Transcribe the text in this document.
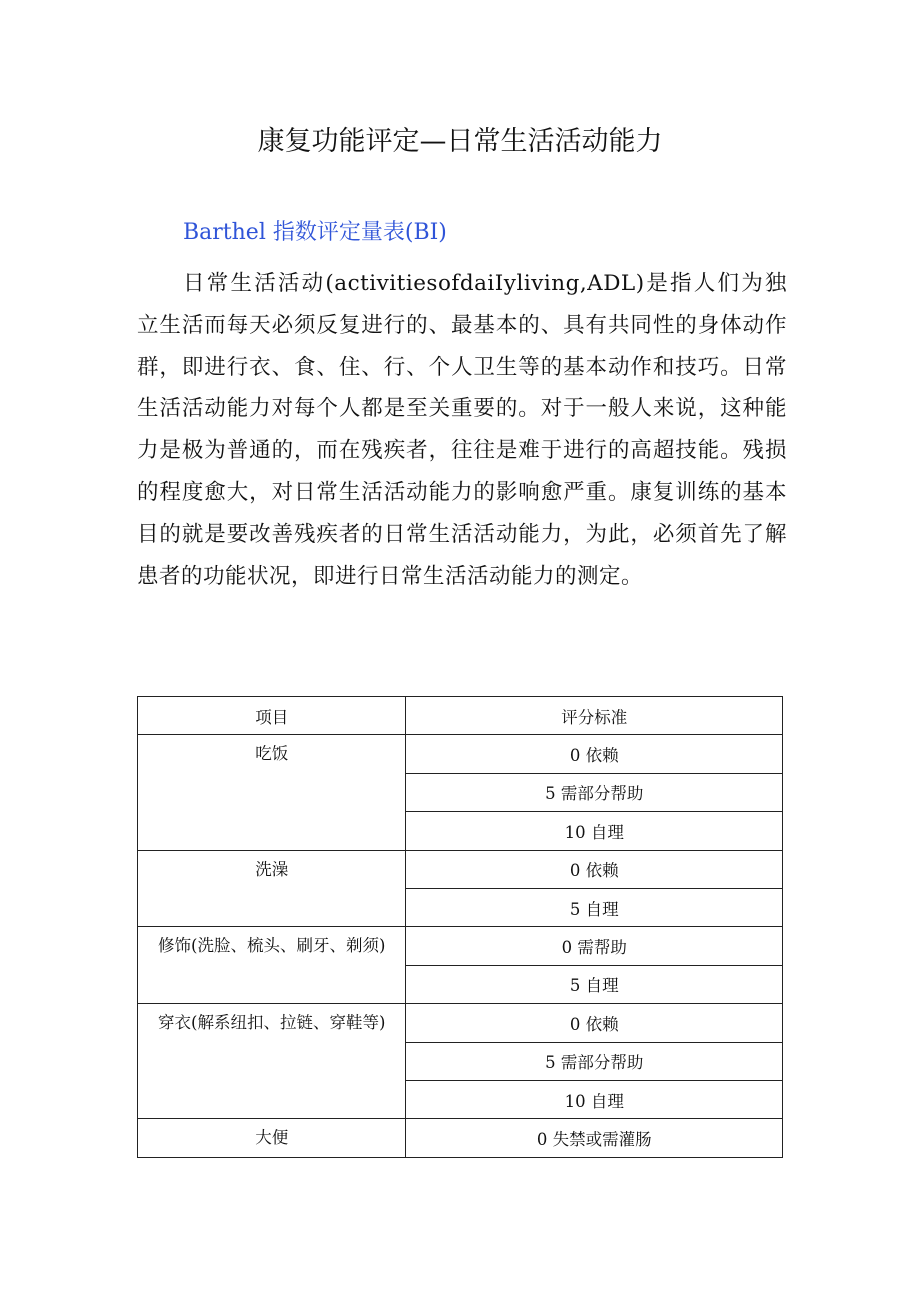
康复功能评定—日常生活活动能力
Barthel 指数评定量表(BI)

日常生活活动(activitiesofdaiIyliving,ADL)是指人们为独立生活而每天必须反复进行的、最基本的、具有共同性的身体动作群，即进行衣、食、住、行、个人卫生等的基本动作和技巧。日常生活活动能力对每个人都是至关重要的。对于一般人来说，这种能力是极为普通的，而在残疾者，往往是难于进行的高超技能。残损的程度愈大，对日常生活活动能力的影响愈严重。康复训练的基本目的就是要改善残疾者的日常生活活动能力，为此，必须首先了解患者的功能状况，即进行日常生活活动能力的测定。

项目	评分标准
吃饭	0 依赖
	5 需部分帮助
	10 自理
洗澡	0 依赖
	5 自理
修饰(洗脸、梳头、刷牙、剃须)	0 需帮助
	5 自理
穿衣(解系纽扣、拉链、穿鞋等)	0 依赖
	5 需部分帮助
	10 自理
大便	0 失禁或需灌肠
